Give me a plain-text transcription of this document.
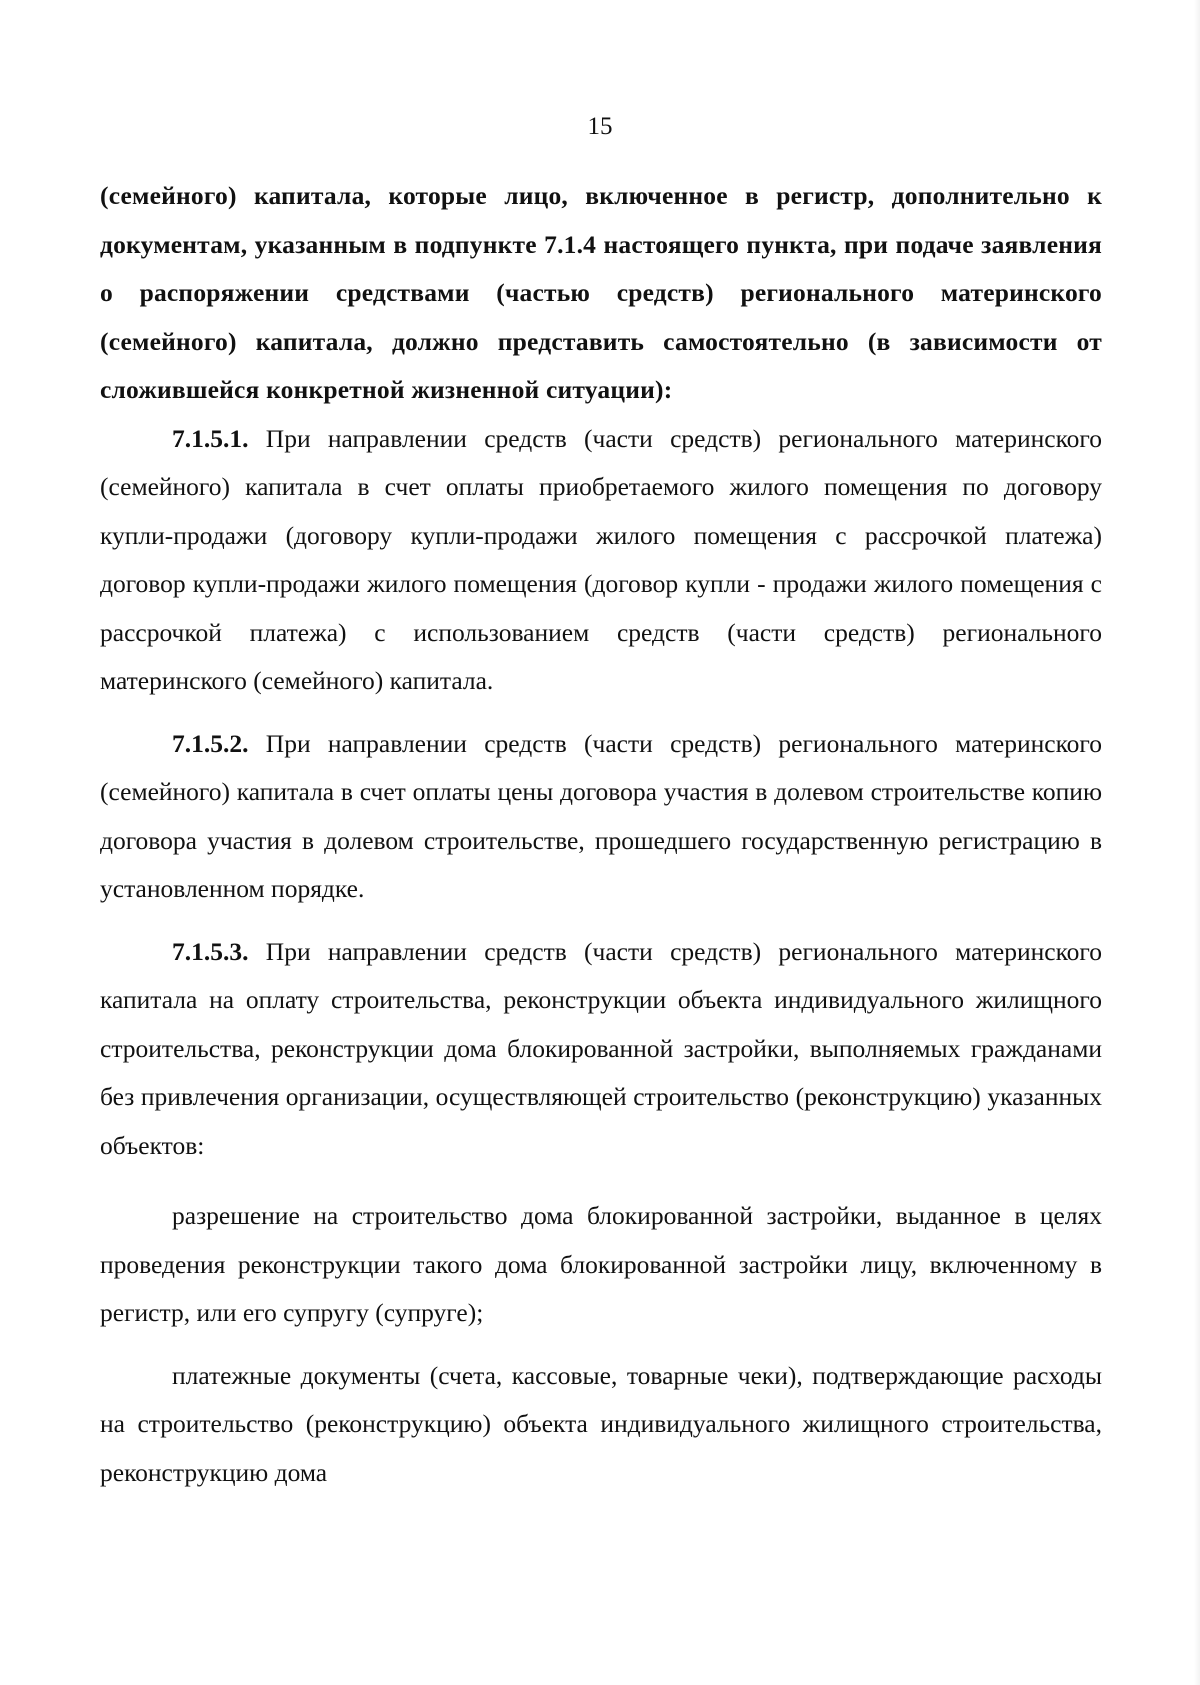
15

(семейного) капитала, которые лицо, включенное в регистр, дополнительно к документам, указанным в подпункте 7.1.4 настоящего пункта, при подаче заявления о распоряжении средствами (частью средств) регионального материнского (семейного) капитала, должно представить самостоятельно (в зависимости от сложившейся конкретной жизненной ситуации):

7.1.5.1. При направлении средств (части средств) регионального материнского (семейного) капитала в счет оплаты приобретаемого жилого помещения по договору купли-продажи (договору купли-продажи жилого помещения с рассрочкой платежа) договор купли-продажи жилого помещения (договор купли - продажи жилого помещения с рассрочкой платежа) с использованием средств (части средств) регионального материнского (семейного) капитала.

7.1.5.2. При направлении средств (части средств) регионального материнского (семейного) капитала в счет оплаты цены договора участия в долевом строительстве копию договора участия в долевом строительстве, прошедшего государственную регистрацию в установленном порядке.

7.1.5.3. При направлении средств (части средств) регионального материнского капитала на оплату строительства, реконструкции объекта индивидуального жилищного строительства, реконструкции дома блокированной застройки, выполняемых гражданами без привлечения организации, осуществляющей строительство (реконструкцию) указанных объектов:

разрешение на строительство дома блокированной застройки, выданное в целях проведения реконструкции такого дома блокированной застройки лицу, включенному в регистр, или его супругу (супруге);

платежные документы (счета, кассовые, товарные чеки), подтверждающие расходы на строительство (реконструкцию) объекта индивидуального жилищного строительства, реконструкцию дома
